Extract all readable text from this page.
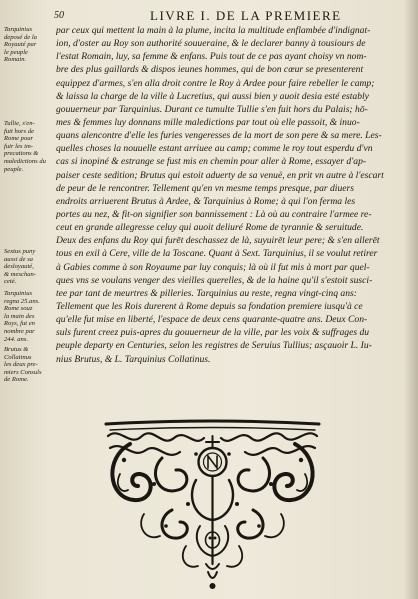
50	LIVRE I. DE LA PREMIERE
Tarquinius
deposé de la
Royauté par
le peuple
Romain.
Tullie, s'en-
fuit hors de
Rome pour
fuir les im-
precations &
maledictions du
peuple.
Sextus puny
aussi de sa
desloyauté,
& meschan-
ceté.
Tarquinius
regna 25.ans.
Rome souz
la main des
Roys, fut en
nombre par
244. ans.
Brutus &
Collatinus
les deux pre-
miers Consuls
de Rome.
par ceux qui mettent la main à la plume, incita la multitude enflambée d'indignat-
ion, d'oster au Roy son authorité souueraine, & le declarer banny à tousiours de
l'estat Romain, luy, sa femme & enfans. Puis tout de ce pas ayant choisy vn nom-
bre des plus gaillards & dispos ieunes hommes, qui de bon cœur se presenterent
equippez d'armes, s'en alla droit contre le Roy à Ardee pour faire rebeller le camp;
& laissa la charge de la ville à Lucretius, qui aussi bien y auoit desia esté estably
gouuerneur par Tarquinius. Durant ce tumulte Tullie s'en fuit hors du Palais; hō-
mes & femmes luy donnans mille maledictions par tout où elle passoit, & inuo-
quans alencontre d'elle les furies vengeresses de la mort de son pere & sa mere. Les-
quelles choses la nouuelle estant arriuee au camp; comme le roy tout esperdu d'vn
cas si inopiné & estrange se fust mis en chemin pour aller à Rome, essayer d'ap-
paiser ceste sedition; Brutus qui estoit aduerty de sa venuë, en prit vn autre à l'escart
de peur de le rencontrer. Tellement qu'en vn mesme temps presque, par diuers
endroits arriuerent Brutus à Ardee, & Tarquinius à Rome; à qui l'on ferma les
portes au nez, & fit-on signifier son bannissement : Là où au contraire l'armee re-
ceut en grande allegresse celuy qui auoit deliuré Rome de tyrannie & seruitude.
Deux des enfans du Roy qui furēt deschassez de là, suyuirēt leur pere; & s'en allerēt
tous en exil à Cere, ville de la Toscane. Quant à Sext. Tarquinius, il se voulut retirer
à Gabies comme à son Royaume par luy conquis; là où il fut mis à mort par quel-
ques vns se voulans venger des vieilles querelles, & de la haine qu'il s'estoit susci-
tee par tant de meurtres & pilleries. Tarquinius au reste, regna vingt-cinq ans:
Tellement que les Rois durerent à Rome depuis sa fondation premiere iusqu'à ce
qu'elle fut mise en liberté, l'espace de deux cens quarante-quatre ans. Deux Con-
suls furent creez puis-apres du gouuerneur de la ville, par les voix & suffrages du
peuple departy en Centuries, selon les registres de Seruius Tullius; asçauoir L. Iu-
nius Brutus, & L. Tarquinius Collatinus.
